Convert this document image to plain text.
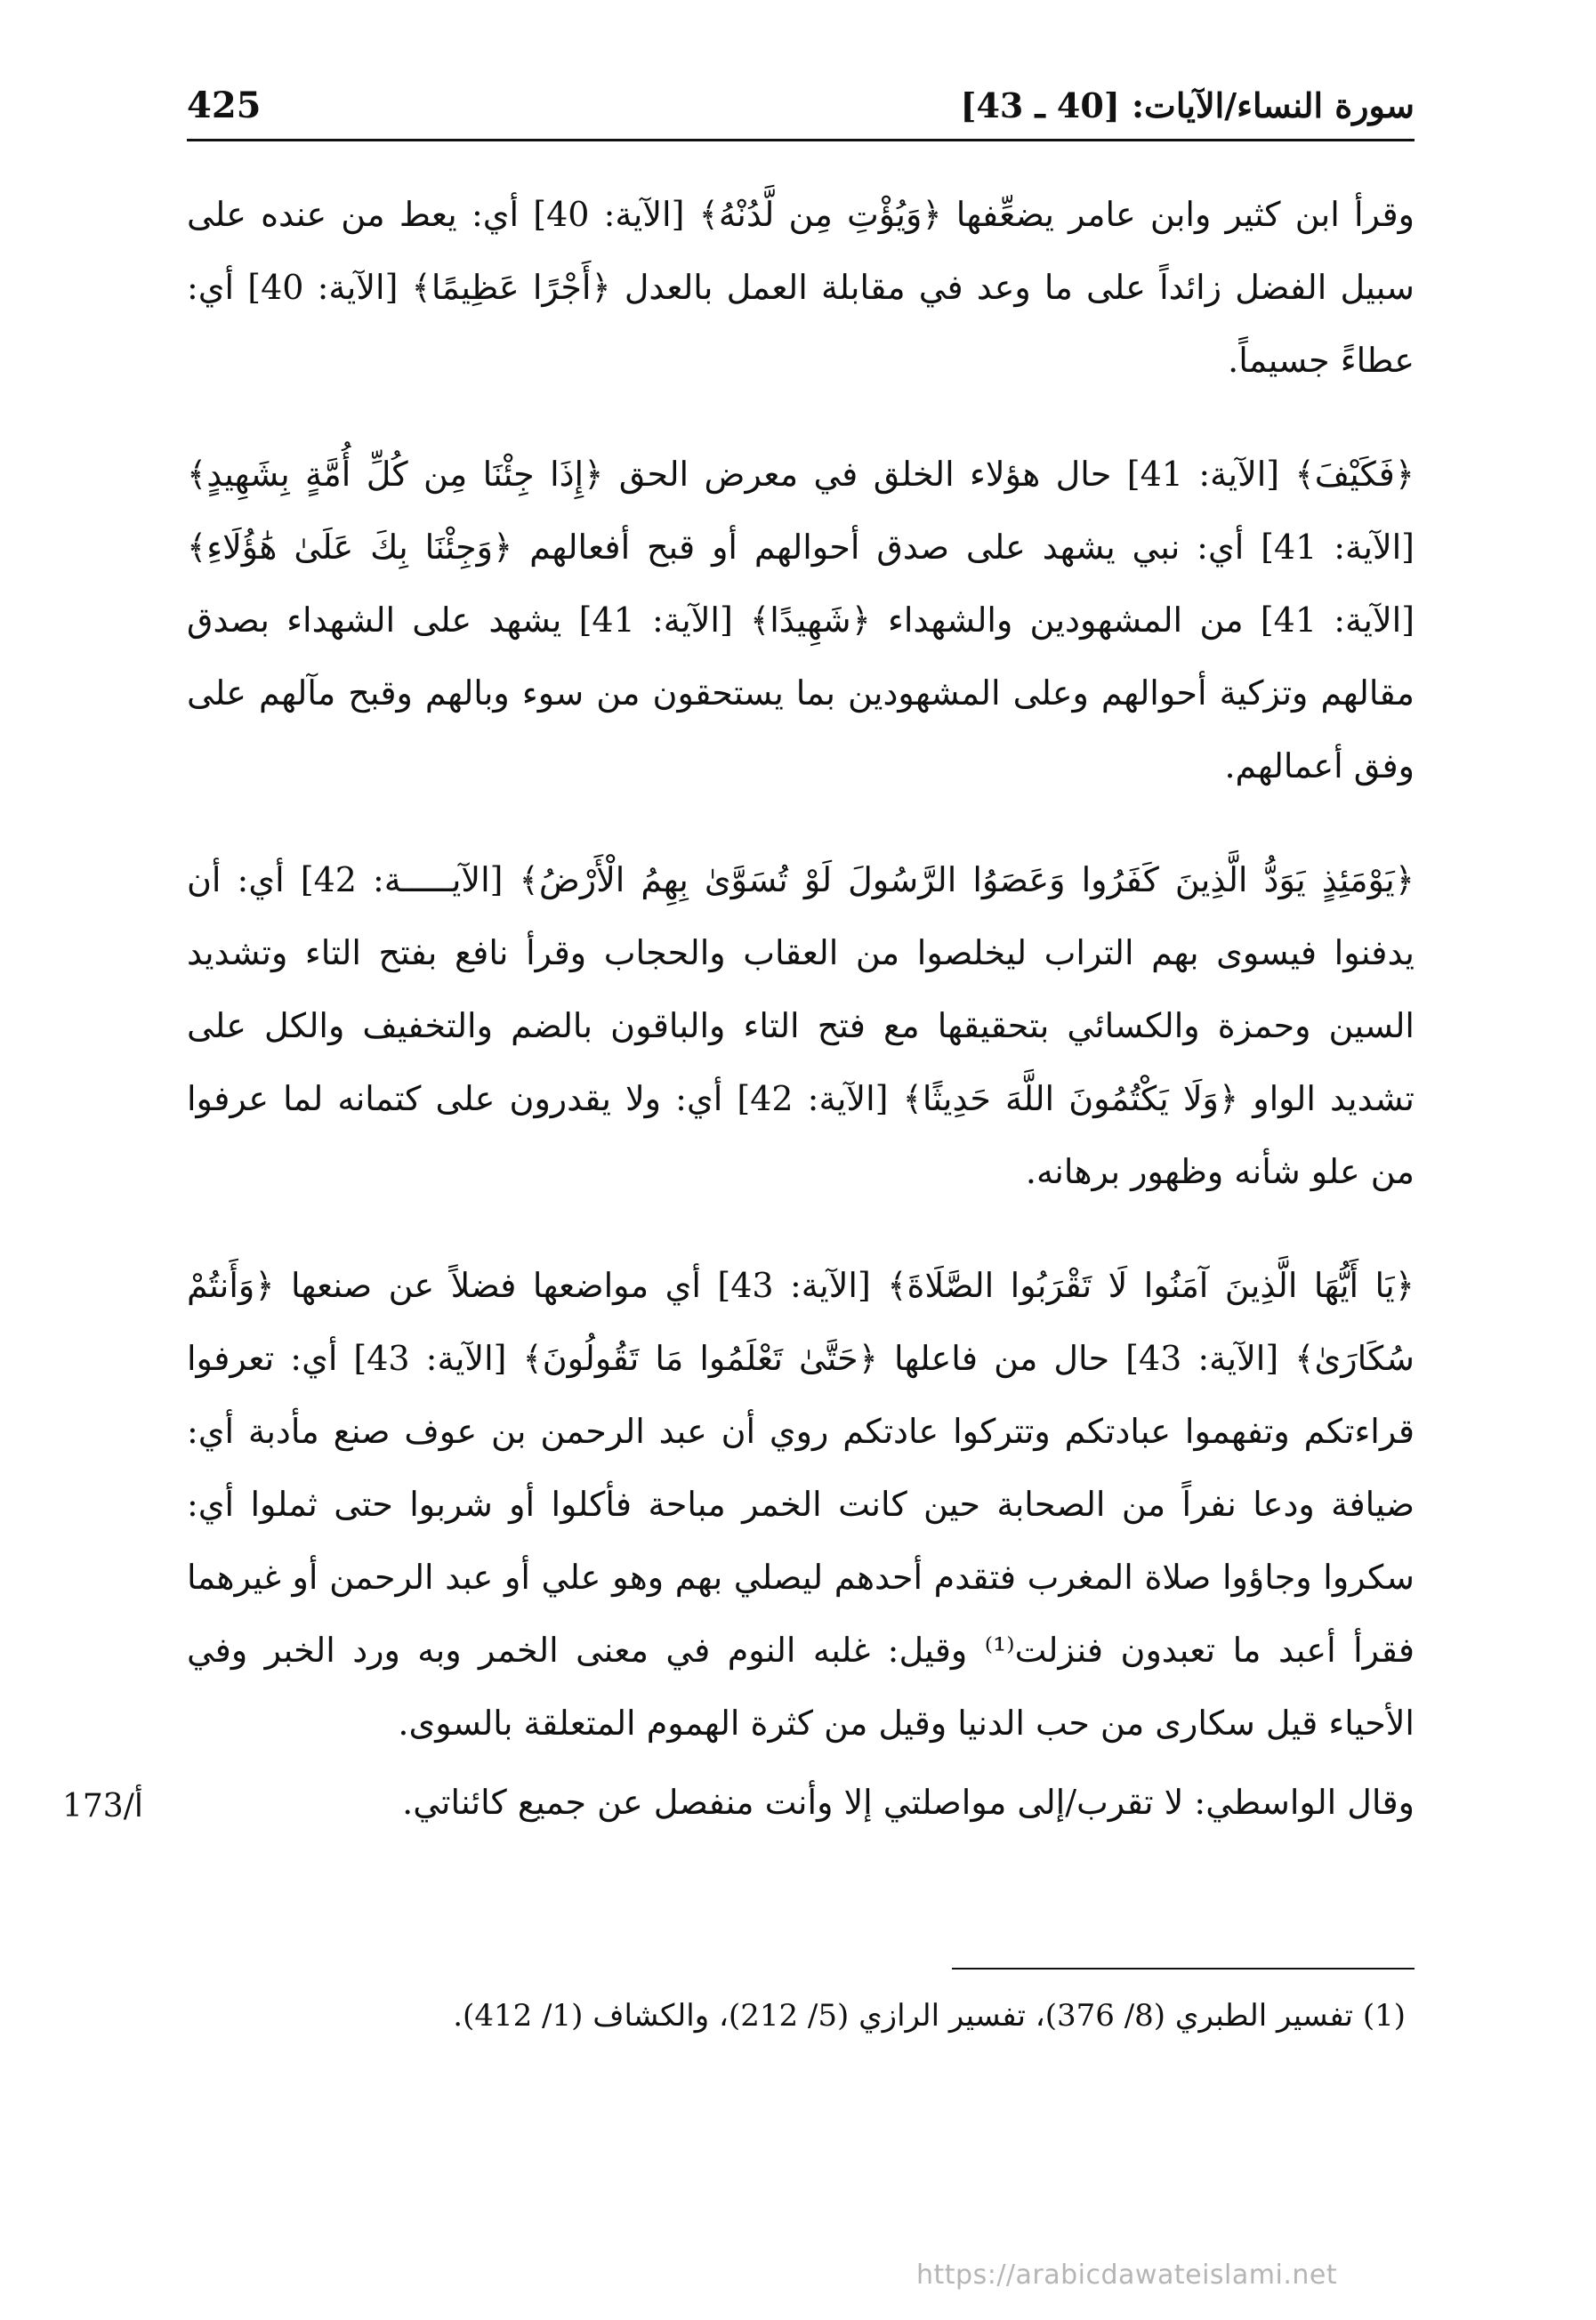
425	سورة النساء/الآيات: [40 ـ 43]

وقرأ ابن كثير وابن عامر يضعِّفها ﴿وَيُؤْتِ مِن لَّدُنْهُ﴾ [الآية: 40] أي: يعط من عنده على سبيل الفضل زائداً على ما وعد في مقابلة العمل بالعدل ﴿أَجْرًا عَظِيمًا﴾ [الآية: 40] أي: عطاءً جسيماً.

﴿فَكَيْفَ﴾ [الآية: 41] حال هؤلاء الخلق في معرض الحق ﴿إِذَا جِئْنَا مِن كُلِّ أُمَّةٍ بِشَهِيدٍ﴾ [الآية: 41] أي: نبي يشهد على صدق أحوالهم أو قبح أفعالهم ﴿وَجِئْنَا بِكَ عَلَىٰ هَٰؤُلَاءِ﴾ [الآية: 41] من المشهودين والشهداء ﴿شَهِيدًا﴾ [الآية: 41] يشهد على الشهداء بصدق مقالهم وتزكية أحوالهم وعلى المشهودين بما يستحقون من سوء وبالهم وقبح مآلهم على وفق أعمالهم.

﴿يَوْمَئِذٍ يَوَدُّ الَّذِينَ كَفَرُوا وَعَصَوُا الرَّسُولَ لَوْ تُسَوَّىٰ بِهِمُ الْأَرْضُ﴾ [الآيـــــة: 42] أي: أن يدفنوا فيسوى بهم التراب ليخلصوا من العقاب والحجاب وقرأ نافع بفتح التاء وتشديد السين وحمزة والكسائي بتحقيقها مع فتح التاء والباقون بالضم والتخفيف والكل على تشديد الواو ﴿وَلَا يَكْتُمُونَ اللَّهَ حَدِيثًا﴾ [الآية: 42] أي: ولا يقدرون على كتمانه لما عرفوا من علو شأنه وظهور برهانه.

﴿يَا أَيُّهَا الَّذِينَ آمَنُوا لَا تَقْرَبُوا الصَّلَاةَ﴾ [الآية: 43] أي مواضعها فضلاً عن صنعها ﴿وَأَنتُمْ سُكَارَىٰ﴾ [الآية: 43] حال من فاعلها ﴿حَتَّىٰ تَعْلَمُوا مَا تَقُولُونَ﴾ [الآية: 43] أي: تعرفوا قراءتكم وتفهموا عبادتكم وتتركوا عادتكم روي أن عبد الرحمن بن عوف صنع مأدبة أي: ضيافة ودعا نفراً من الصحابة حين كانت الخمر مباحة فأكلوا أو شربوا حتى ثملوا أي: سكروا وجاؤوا صلاة المغرب فتقدم أحدهم ليصلي بهم وهو علي أو عبد الرحمن أو غيرهما فقرأ أعبد ما تعبدون فنزلت⁽¹⁾ وقيل: غلبه النوم في معنى الخمر وبه ورد الخبر وفي الأحياء قيل سكارى من حب الدنيا وقيل من كثرة الهموم المتعلقة بالسوى.

173/أ	وقال الواسطي: لا تقرب/إلى مواصلتي إلا وأنت منفصل عن جميع كائناتي.
(1) تفسير الطبري (8/ 376)، تفسير الرازي (5/ 212)، والكشاف (1/ 412).
https://arabicdawateislami.net
